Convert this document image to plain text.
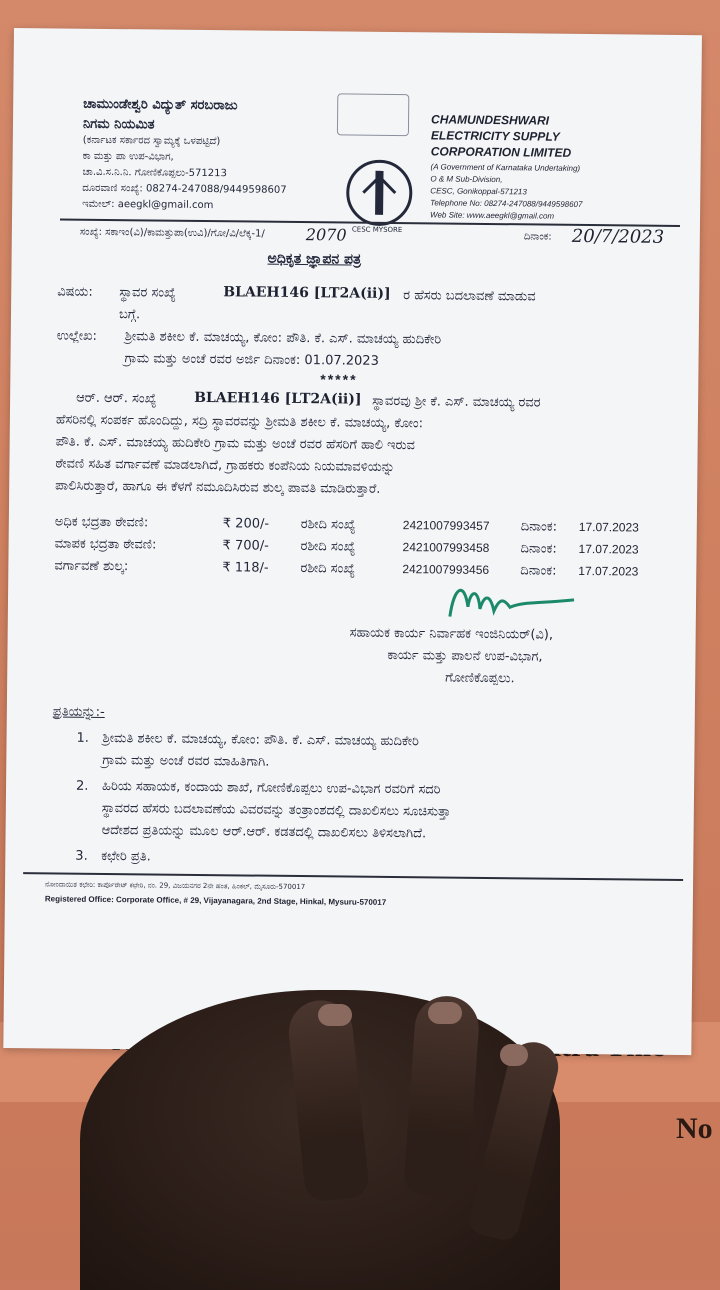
No
ಚಾಮುಂಡೇಶ್ವರಿ ವಿದ್ಯುತ್ ಸರಬರಾಜು
ನಿಗಮ ನಿಯಮಿತ
(ಕರ್ನಾಟಕ ಸರ್ಕಾರದ ಸ್ವಾಮ್ಯಕ್ಕೆ ಒಳಪಟ್ಟಿದೆ)
ಕಾ ಮತ್ತು ಪಾ ಉಪ-ವಿಭಾಗ,
ಚಾ.ವಿ.ಸ.ನಿ.ನಿ. ಗೋಣಿಕೊಪ್ಪಲು-571213
ದೂರವಾಣಿ ಸಂಖ್ಯೆ: 08274-247088/9449598607
ಇಮೇಲ್: aeegkl@gmail.com
CESC MYSORE
CHAMUNDESHWARI
ELECTRICITY SUPPLY
CORPORATION LIMITED
(A Government of Karnataka Undertaking)
O & M Sub-Division,
CESC, Gonikoppal-571213
Telephone No: 08274-247088/9449598607
Web Site: www.aeegkl@gmail.com
ಸಂಖ್ಯೆ: ಸಕಾಇಂ(ವಿ)/ಕಾಮತ್ತುಪಾ(ಉವಿ)/ಗೋ/ವಿ/ಲೆಕ್ಕ-1/	2070	ದಿನಾಂಕ: 20/7/2023
ಅಧಿಕೃತ ಜ್ಞಾಪನ ಪತ್ರ
ವಿಷಯ: ಸ್ಥಾವರ ಸಂಖ್ಯೆ	BLAEH146 [LT2A(ii)] ರ ಹೆಸರು ಬದಲಾವಣೆ ಮಾಡುವ
ಬಗ್ಗೆ.
ಉಲ್ಲೇಖ: ಶ್ರೀಮತಿ ಶಕೀಲ ಕೆ. ಮಾಚಯ್ಯ, ಕೋಂ: ಪೌತಿ. ಕೆ. ಎಸ್. ಮಾಚಯ್ಯ ಹುದಿಕೇರಿ
ಗ್ರಾಮ ಮತ್ತು ಅಂಚೆ ರವರ ಅರ್ಜಿ ದಿನಾಂಕ: 01.07.2023
*****
ಆರ್. ಆರ್. ಸಂಖ್ಯೆ	BLAEH146 [LT2A(ii)] ಸ್ಥಾವರವು ಶ್ರೀ ಕೆ. ಎಸ್. ಮಾಚಯ್ಯ ರವರ
ಹೆಸರಿನಲ್ಲಿ ಸಂಪರ್ಕ ಹೊಂದಿದ್ದು, ಸದ್ರಿ ಸ್ಥಾವರವನ್ನು ಶ್ರೀಮತಿ ಶಕೀಲ ಕೆ. ಮಾಚಯ್ಯ, ಕೋಂ:
ಪೌತಿ. ಕೆ. ಎಸ್. ಮಾಚಯ್ಯ ಹುದಿಕೇರಿ ಗ್ರಾಮ ಮತ್ತು ಅಂಚೆ ರವರ ಹೆಸರಿಗೆ ಹಾಲಿ ಇರುವ
ಠೇವಣಿ ಸಹಿತ ವರ್ಗಾವಣೆ ಮಾಡಲಾಗಿದೆ, ಗ್ರಾಹಕರು ಕಂಪೆನಿಯ ನಿಯಮಾವಳಿಯನ್ನು
ಪಾಲಿಸಿರುತ್ತಾರೆ, ಹಾಗೂ ಈ ಕೆಳಗೆ ನಮೂದಿಸಿರುವ ಶುಲ್ಕ ಪಾವತಿ ಮಾಡಿರುತ್ತಾರೆ.
ಅಧಿಕ ಭದ್ರತಾ ಠೇವಣಿ:	₹ 200/- ರಶೀದಿ ಸಂಖ್ಯೆ	2421007993457 ದಿನಾಂಕ: 17.07.2023
ಮಾಪಕ ಭದ್ರತಾ ಠೇವಣಿ:	₹ 700/- ರಶೀದಿ ಸಂಖ್ಯೆ	2421007993458 ದಿನಾಂಕ: 17.07.2023
ವರ್ಗಾವಣೆ ಶುಲ್ಕ:	₹ 118/- ರಶೀದಿ ಸಂಖ್ಯೆ	2421007993456 ದಿನಾಂಕ: 17.07.2023
ಸಹಾಯಕ ಕಾರ್ಯ ನಿರ್ವಾಹಕ ಇಂಜಿನಿಯರ್(ವಿ),
ಕಾರ್ಯ ಮತ್ತು ಪಾಲನೆ ಉಪ-ವಿಭಾಗ,
ಗೋಣಿಕೊಪ್ಪಲು.
ಪ್ರತಿಯನ್ನು:-
1. ಶ್ರೀಮತಿ ಶಕೀಲ ಕೆ. ಮಾಚಯ್ಯ, ಕೋಂ: ಪೌತಿ. ಕೆ. ಎಸ್. ಮಾಚಯ್ಯ ಹುದಿಕೇರಿ
ಗ್ರಾಮ ಮತ್ತು ಅಂಚೆ ರವರ ಮಾಹಿತಿಗಾಗಿ.
2. ಹಿರಿಯ ಸಹಾಯಕ, ಕಂದಾಯ ಶಾಖೆ, ಗೋಣಿಕೊಪ್ಪಲು ಉಪ-ವಿಭಾಗ ರವರಿಗೆ ಸದರಿ
ಸ್ಥಾವರದ ಹೆಸರು ಬದಲಾವಣೆಯ ವಿವರವನ್ನು ತಂತ್ರಾಂಶದಲ್ಲಿ ದಾಖಲಿಸಲು ಸೂಚಿಸುತ್ತಾ
ಆದೇಶದ ಪ್ರತಿಯನ್ನು ಮೂಲ ಆರ್.ಆರ್. ಕಡತದಲ್ಲಿ ದಾಖಲಿಸಲು ತಿಳಿಸಲಾಗಿದೆ.
3. ಕಛೇರಿ ಪ್ರತಿ.
ನೋಂದಾಯಿತ ಕಛೇರಿ: ಕಾರ್ಪೊರೇಟ್ ಕಛೇರಿ, ನಂ. 29, ವಿಜಯನಗರ 2ನೇ ಹಂತ, ಹಿಂಕಲ್, ಮೈಸೂರು-570017
Registered Office: Corporate Office, # 29, Vijayanagara, 2nd Stage, Hinkal, Mysuru-570017
